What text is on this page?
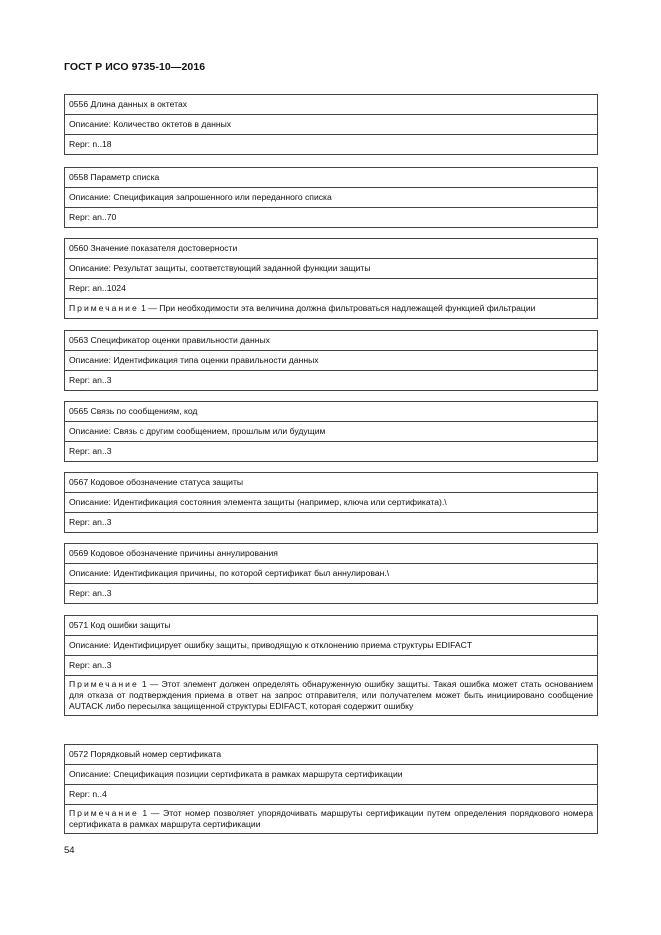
ГОСТ Р ИСО 9735-10—2016
0556 Длина данных в октетах
Описание: Количество октетов в данных
Repr: n..18
0558 Параметр списка
Описание: Спецификация запрошенного или переданного списка
Repr: an..70
0560 Значение показателя достоверности
Описание: Результат защиты, соответствующий заданной функции защиты
Repr: an..1024
Примечание 1 — При необходимости эта величина должна фильтроваться надлежащей функцией фильтрации
0563 Спецификатор оценки правильности данных
Описание: Идентификация типа оценки правильности данных
Repr: an..3
0565 Связь по сообщениям, код
Описание: Связь с другим сообщением, прошлым или будущим
Repr: an..3
0567 Кодовое обозначение статуса защиты
Описание: Идентификация состояния элемента защиты (например, ключа или сертификата).\
Repr: an..3
0569 Кодовое обозначение причины аннулирования
Описание: Идентификация причины, по которой сертификат был аннулирован.\
Repr: an..3
0571 Код ошибки защиты
Описание: Идентифицирует ошибку защиты, приводящую к отклонению приема структуры EDIFACT
Repr: an..3
Примечание 1 — Этот элемент должен определять обнаруженную ошибку защиты. Такая ошибка может стать основанием для отказа от подтверждения приема в ответ на запрос отправителя, или получателем может быть инициировано сообщение AUTACK либо пересылка защищенной структуры EDIFACT, которая содержит ошибку
0572 Порядковый номер сертификата
Описание: Спецификация позиции сертификата в рамках маршрута сертификации
Repr: n..4
Примечание 1 — Этот номер позволяет упорядочивать маршруты сертификации путем определения порядкового номера сертификата в рамках маршрута сертификации
54
